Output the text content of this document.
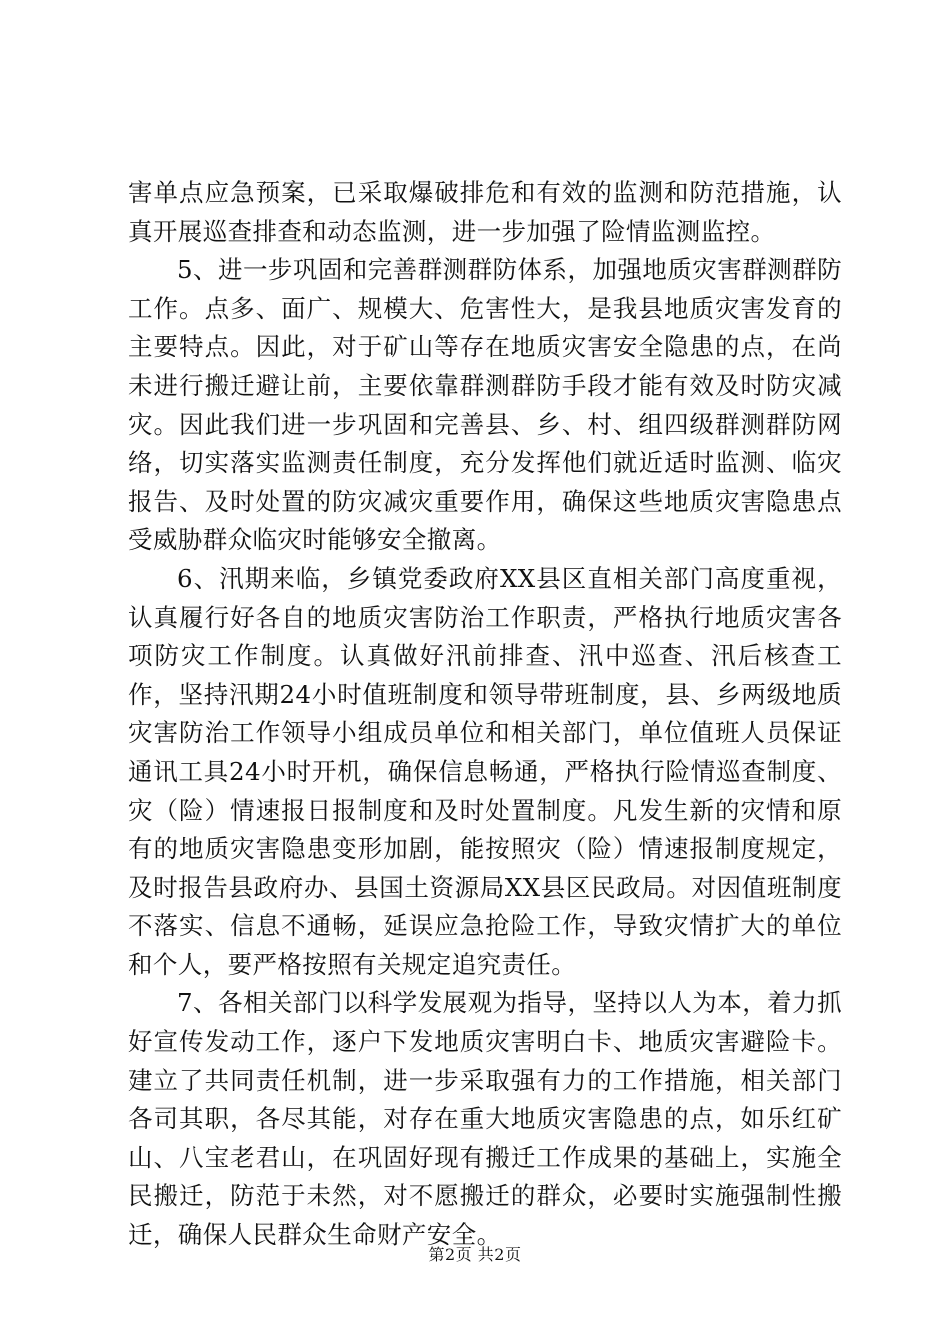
害单点应急预案，已采取爆破排危和有效的监测和防范措施，认真开展巡查排查和动态监测，进一步加强了险情监测监控。

5、进一步巩固和完善群测群防体系，加强地质灾害群测群防工作。点多、面广、规模大、危害性大，是我县地质灾害发育的主要特点。因此，对于矿山等存在地质灾害安全隐患的点，在尚未进行搬迁避让前，主要依靠群测群防手段才能有效及时防灾减灾。因此我们进一步巩固和完善县、乡、村、组四级群测群防网络，切实落实监测责任制度，充分发挥他们就近适时监测、临灾报告、及时处置的防灾减灾重要作用，确保这些地质灾害隐患点受威胁群众临灾时能够安全撤离。

6、汛期来临，乡镇党委政府XX县区直相关部门高度重视，认真履行好各自的地质灾害防治工作职责，严格执行地质灾害各项防灾工作制度。认真做好汛前排查、汛中巡查、汛后核查工作，坚持汛期24小时值班制度和领导带班制度，县、乡两级地质灾害防治工作领导小组成员单位和相关部门，单位值班人员保证通讯工具24小时开机，确保信息畅通，严格执行险情巡查制度、灾（险）情速报日报制度和及时处置制度。凡发生新的灾情和原有的地质灾害隐患变形加剧，能按照灾（险）情速报制度规定，及时报告县政府办、县国土资源局XX县区民政局。对因值班制度不落实、信息不通畅，延误应急抢险工作，导致灾情扩大的单位和个人，要严格按照有关规定追究责任。

7、各相关部门以科学发展观为指导，坚持以人为本，着力抓好宣传发动工作，逐户下发地质灾害明白卡、地质灾害避险卡。建立了共同责任机制，进一步采取强有力的工作措施，相关部门各司其职，各尽其能，对存在重大地质灾害隐患的点，如乐红矿山、八宝老君山，在巩固好现有搬迁工作成果的基础上，实施全民搬迁，防范于未然，对不愿搬迁的群众，必要时实施强制性搬迁，确保人民群众生命财产安全。

第2页 共2页
